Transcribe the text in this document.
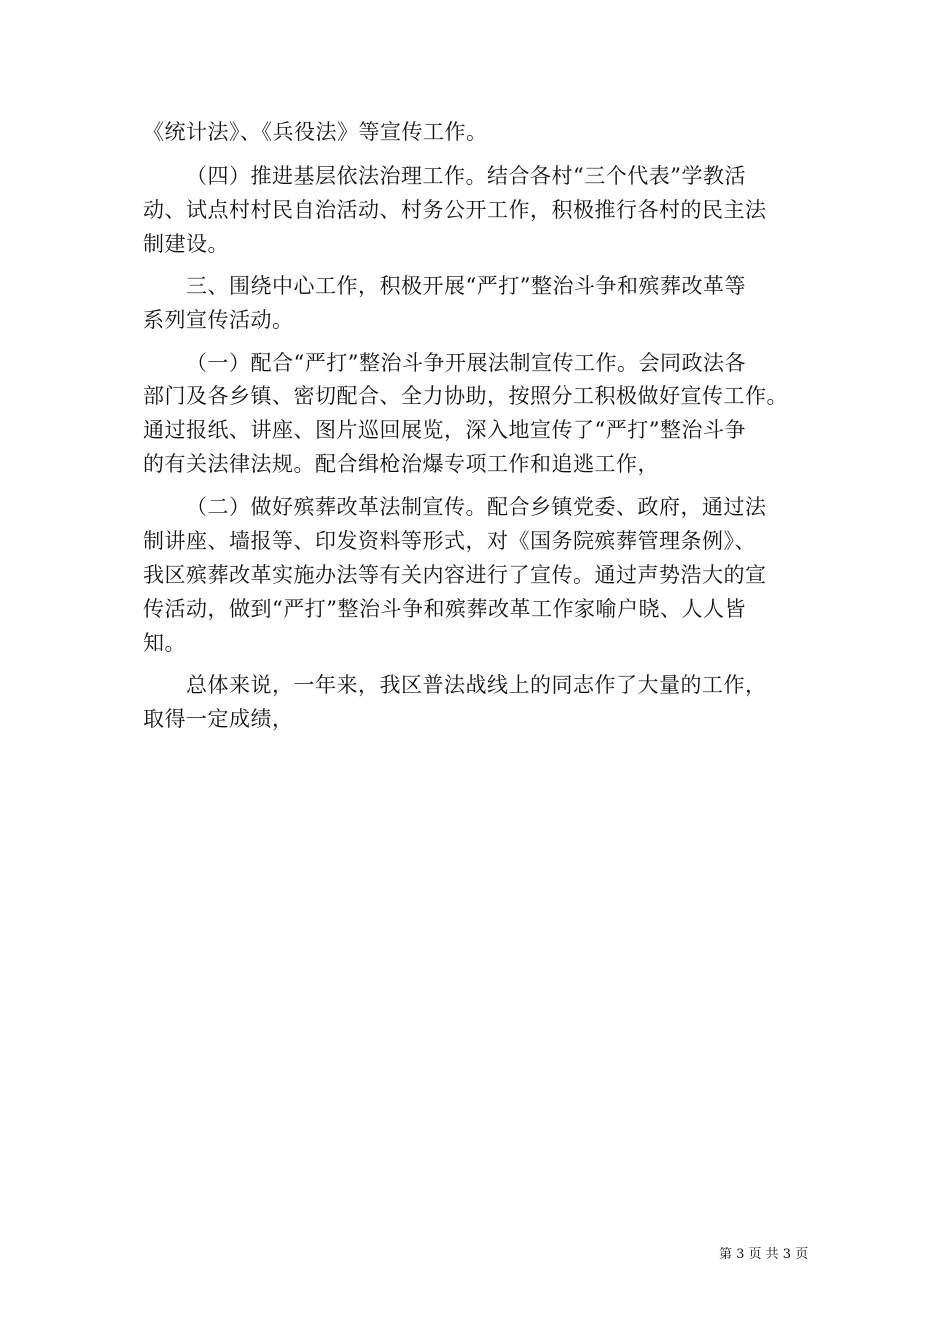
《统计法》、《兵役法》等宣传工作。

（四）推进基层依法治理工作。结合各村“三个代表”学教活

动、试点村村民自治活动、村务公开工作，积极推行各村的民主法

制建设。

三、围绕中心工作，积极开展“严打”整治斗争和殡葬改革等

系列宣传活动。

（一）配合“严打”整治斗争开展法制宣传工作。会同政法各

部门及各乡镇、密切配合、全力协助，按照分工积极做好宣传工作。

通过报纸、讲座、图片巡回展览，深入地宣传了“严打”整治斗争

的有关法律法规。配合缉枪治爆专项工作和追逃工作，

（二）做好殡葬改革法制宣传。配合乡镇党委、政府，通过法

制讲座、墙报等、印发资料等形式，对《国务院殡葬管理条例》、

我区殡葬改革实施办法等有关内容进行了宣传。通过声势浩大的宣

传活动，做到“严打”整治斗争和殡葬改革工作家喻户晓、人人皆

知。

总体来说，一年来，我区普法战线上的同志作了大量的工作，

取得一定成绩，

第 3 页 共 3 页
